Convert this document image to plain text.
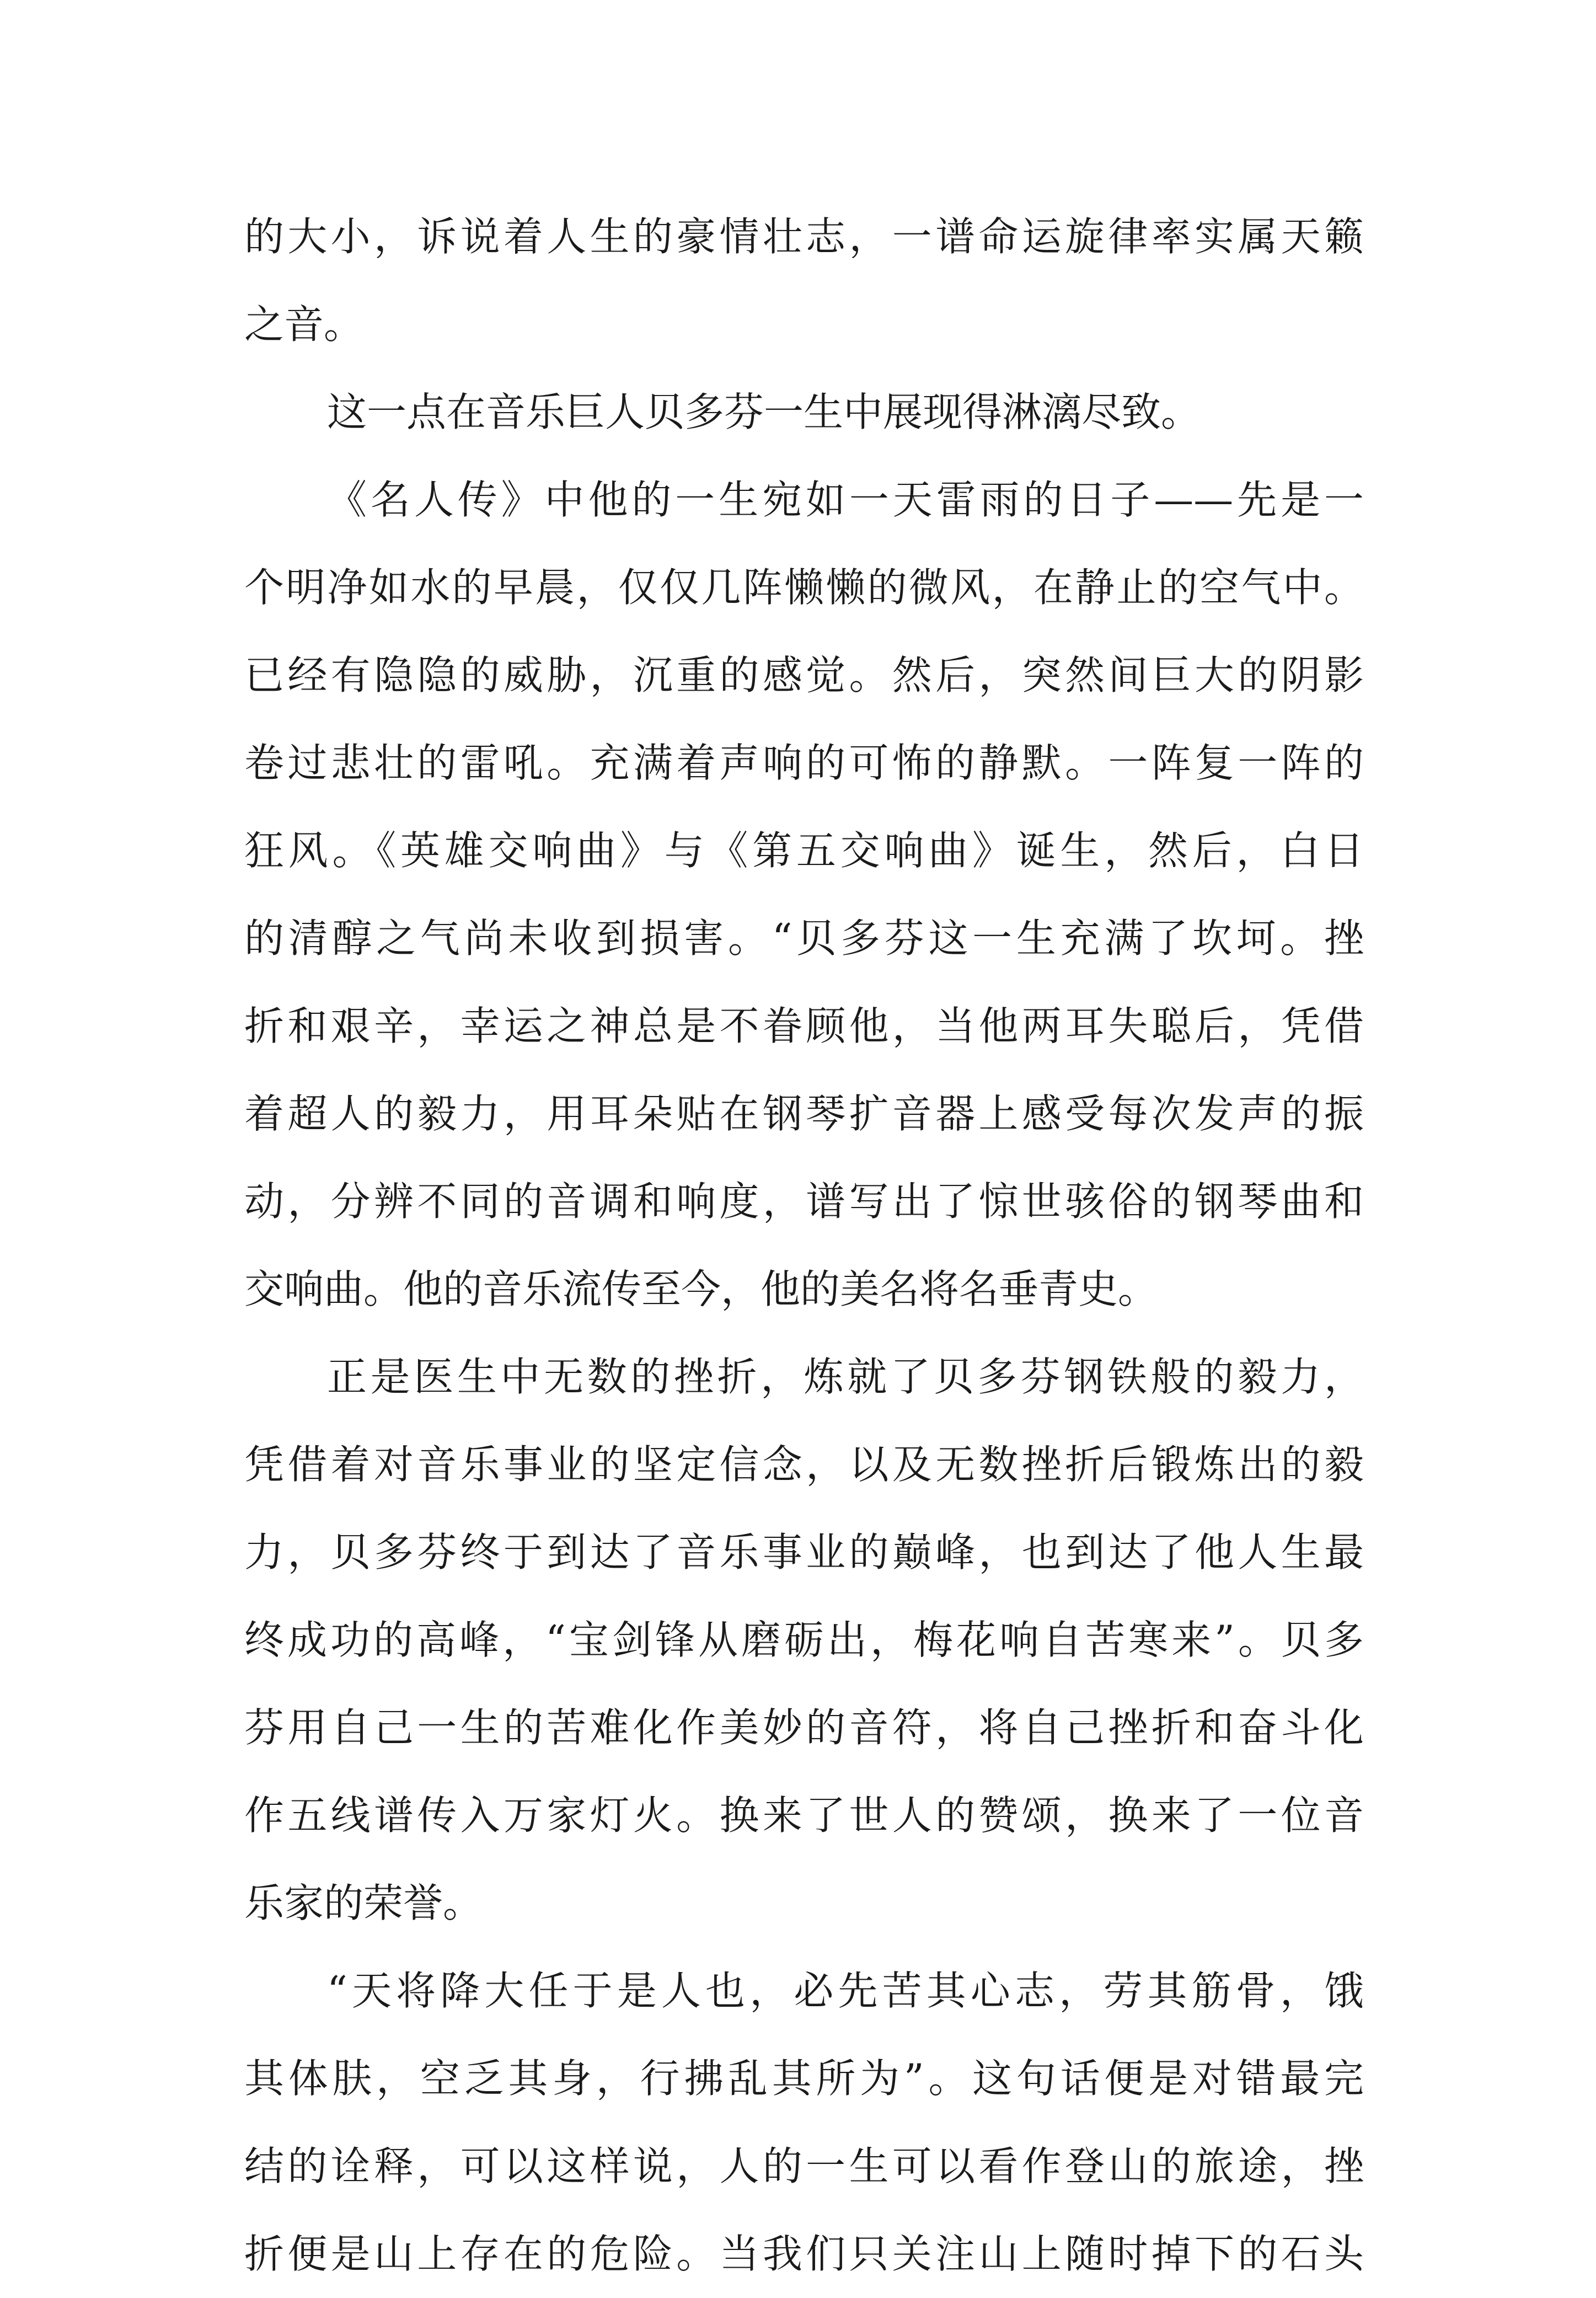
的大小，诉说着人生的豪情壮志，一谱命运旋律率实属天籁
之音。
这一点在音乐巨人贝多芬一生中展现得淋漓尽致。
《名人传》中他的一生宛如一天雷雨的日子——先是一
个明净如水的早晨，仅仅几阵懒懒的微风，在静止的空气中。
已经有隐隐的威胁，沉重的感觉。然后，突然间巨大的阴影
卷过悲壮的雷吼。充满着声响的可怖的静默。一阵复一阵的
狂风。《英雄交响曲》与《第五交响曲》诞生，然后，白日
的清醇之气尚未收到损害。“贝多芬这一生充满了坎坷。挫
折和艰辛，幸运之神总是不眷顾他，当他两耳失聪后，凭借
着超人的毅力，用耳朵贴在钢琴扩音器上感受每次发声的振
动，分辨不同的音调和响度，谱写出了惊世骇俗的钢琴曲和
交响曲。他的音乐流传至今，他的美名将名垂青史。
正是医生中无数的挫折，炼就了贝多芬钢铁般的毅力，
凭借着对音乐事业的坚定信念，以及无数挫折后锻炼出的毅
力，贝多芬终于到达了音乐事业的巅峰，也到达了他人生最
终成功的高峰，“宝剑锋从磨砺出，梅花响自苦寒来”。贝多
芬用自己一生的苦难化作美妙的音符，将自己挫折和奋斗化
作五线谱传入万家灯火。换来了世人的赞颂，换来了一位音
乐家的荣誉。
“天将降大任于是人也，必先苦其心志，劳其筋骨，饿
其体肤，空乏其身，行拂乱其所为”。这句话便是对错最完
结的诠释，可以这样说，人的一生可以看作登山的旅途，挫
折便是山上存在的危险。当我们只关注山上随时掉下的石头
